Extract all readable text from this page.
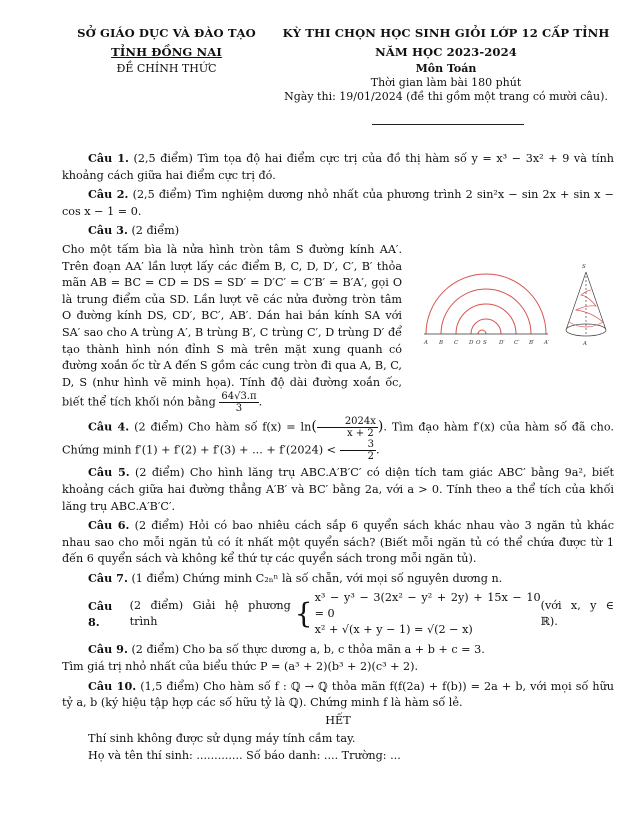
SỞ GIÁO DỤC VÀ ĐÀO TẠO
TỈNH ĐỒNG NAI
ĐỀ CHÍNH THỨC
KỲ THI CHỌN HỌC SINH GIỎI LỚP 12 CẤP TỈNH
NĂM HỌC 2023-2024
Môn Toán
Thời gian làm bài 180 phút
Ngày thi: 19/01/2024 (đề thi gồm một trang có mười câu).

Câu 1. (2,5 điểm) Tìm tọa độ hai điểm cực trị của đồ thị hàm số y = x³ − 3x² + 9 và tính khoảng cách giữa hai điểm cực trị đó.

Câu 2. (2,5 điểm) Tìm nghiệm dương nhỏ nhất của phương trình 2 sin²x − sin 2x + sin x − cos x − 1 = 0.

Câu 3. (2 điểm)

Cho một tấm bìa là nửa hình tròn tâm S đường kính AA′. Trên đoạn AA′ lần lượt lấy các điểm B, C, D, D′, C′, B′ thỏa mãn AB = BC = CD = DS = SD′ = D′C′ = C′B′ = B′A′, gọi O là trung điểm của SD. Lần lượt vẽ các nửa đường tròn tâm O đường kính DS, CD′, BC′, AB′. Dán hai bán kính SA với SA′ sao cho A trùng A′, B trùng B′, C trùng C′, D trùng D′ để tạo thành hình nón đỉnh S mà trên mặt xung quanh có đường xoắn ốc từ A đến S gồm các cung tròn đi qua A, B, C, D, S (như hình vẽ minh họa). Tính độ dài đường xoắn ốc, biết thể tích khối nón bằng $\frac{64√3.\pi}{3}$ .

A B C D O S D′ C′ B′ A′
S
A

Câu 4. (2 điểm) Cho hàm số $f(x) = \ln( \frac{2024x}{x + 2}$ ). Tìm đạo hàm f′(x) của hàm số đã cho. Chứng minh f′(1) + f′(2) + f′(3) + ... + $f'(2024) < \frac{3}{2}$ .

Câu 5. (2 điểm) Cho hình lăng trụ ABC.A′B′C′ có diện tích tam giác ABC′ bằng 9a², biết khoảng cách giữa hai đường thẳng A′B′ và BC′ bằng 2a, với a > 0. Tính theo a thể tích của khối lăng trụ ABC.A′B′C′.

Câu 6. (2 điểm) Hỏi có bao nhiêu cách sắp 6 quyển sách khác nhau vào 3 ngăn tủ khác nhau sao cho mỗi ngăn tủ có ít nhất một quyển sách? (Biết mỗi ngăn tủ có thể chứa được từ 1 đến 6 quyển sách và không kể thứ tự các quyển sách trong mỗi ngăn tủ).

Câu 7. (1 điểm) Chứng minh C₂ₙⁿ là số chẵn, với mọi số nguyên dương n.

Câu 8.

(2 điểm) Giải hệ phương trình	{ x³ − y³ − 3(2x² − y² + 2y) + 15x − 10 = 0
x² + √(x + y − 1) = √(2 − x)
(với x, y ∈ ℝ).

Câu 9. (2 điểm) Cho ba số thực dương a, b, c thỏa mãn a + b + c = 3.

Tìm giá trị nhỏ nhất của biểu thức P = (a³ + 2)(b³ + 2)(c³ + 2).

Câu 10. (1,5 điểm) Cho hàm số f : ℚ → ℚ thỏa mãn f(f(2a) + f(b)) = 2a + b, với mọi số hữu tỷ a, b (ký hiệu tập hợp các số hữu tỷ là ℚ). Chứng minh f là hàm số lẻ.

HẾT

Thí sinh không được sử dụng máy tính cầm tay.

Họ và tên thí sinh: ............. Số báo danh: .... Trường: ...
